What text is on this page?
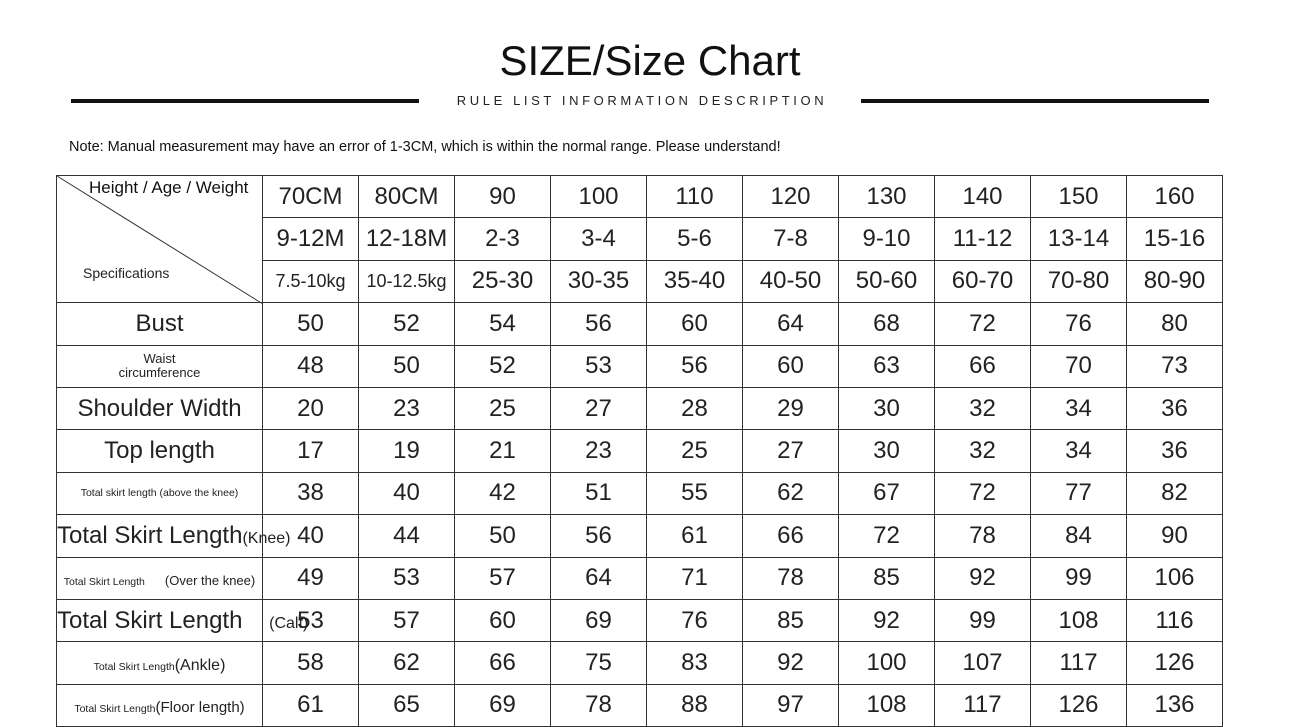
SIZE/Size Chart
RULE LIST INFORMATION DESCRIPTION
Note: Manual measurement may have an error of 1-3CM, which is within the normal range. Please understand!
Height / Age / Weight
Specifications	70CM	80CM	90	100	110	120	130	140	150	160
	9-12M	12-18M	2-3	3-4	5-6	7-8	9-10	11-12	13-14	15-16
	7.5-10kg	10-12.5kg	25-30	30-35	35-40	40-50	50-60	60-70	70-80	80-90
Bust	50	52	54	56	60	64	68	72	76	80
Waist
circumference	48	50	52	53	56	60	63	66	70	73
Shoulder Width	20	23	25	27	28	29	30	32	34	36
Top length	17	19	21	23	25	27	30	32	34	36
Total skirt length (above the knee)	38	40	42	51	55	62	67	72	77	82
Total Skirt Length(Knee)	40	44	50	56	61	66	72	78	84	90
Total Skirt Length (Over the knee)	49	53	57	64	71	78	85	92	99	106
Total Skirt Length (Calf)	53	57	60	69	76	85	92	99	108	116
Total Skirt Length(Ankle)	58	62	66	75	83	92	100	107	117	126
Total Skirt Length(Floor length)	61	65	69	78	88	97	108	117	126	136
